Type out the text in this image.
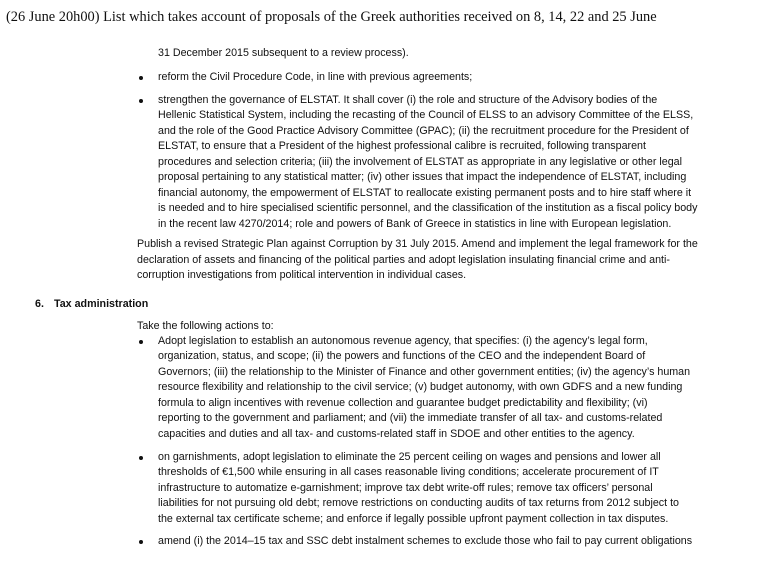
(26 June 20h00) List which takes account of proposals of the Greek authorities received on 8, 14, 22 and 25 June
31 December 2015 subsequent to a review process).
reform the Civil Procedure Code, in line with previous agreements;
strengthen the governance of ELSTAT. It shall cover (i) the role and structure of the Advisory bodies of the
Hellenic Statistical System, including the recasting of the Council of ELSS to an advisory Committee of the ELSS,
and the role of the Good Practice Advisory Committee (GPAC); (ii) the recruitment procedure for the President of
ELSTAT, to ensure that a President of the highest professional calibre is recruited, following transparent
procedures and selection criteria; (iii) the involvement of ELSTAT as appropriate in any legislative or other legal
proposal pertaining to any statistical matter; (iv) other issues that impact the independence of ELSTAT, including
financial autonomy, the empowerment of ELSTAT to reallocate existing permanent posts and to hire staff where it
is needed and to hire specialised scientific personnel, and the classification of the institution as a fiscal policy body
in the recent law 4270/2014; role and powers of Bank of Greece in statistics in line with European legislation.
Publish a revised Strategic Plan against Corruption by 31 July 2015. Amend and implement the legal framework for the
declaration of assets and financing of the political parties and adopt legislation insulating financial crime and anti-
corruption investigations from political intervention in individual cases.
6. Tax administration
Take the following actions to:
Adopt legislation to establish an autonomous revenue agency, that specifies: (i) the agency’s legal form,
organization, status, and scope; (ii) the powers and functions of the CEO and the independent Board of
Governors; (iii) the relationship to the Minister of Finance and other government entities; (iv) the agency’s human
resource flexibility and relationship to the civil service; (v) budget autonomy, with own GDFS and a new funding
formula to align incentives with revenue collection and guarantee budget predictability and flexibility; (vi)
reporting to the government and parliament; and (vii) the immediate transfer of all tax- and customs-related
capacities and duties and all tax- and customs-related staff in SDOE and other entities to the agency.
on garnishments, adopt legislation to eliminate the 25 percent ceiling on wages and pensions and lower all
thresholds of €1,500 while ensuring in all cases reasonable living conditions; accelerate procurement of IT
infrastructure to automatize e-garnishment; improve tax debt write-off rules; remove tax officers’ personal
liabilities for not pursuing old debt; remove restrictions on conducting audits of tax returns from 2012 subject to
the external tax certificate scheme; and enforce if legally possible upfront payment collection in tax disputes.
amend (i) the 2014–15 tax and SSC debt instalment schemes to exclude those who fail to pay current obligations
